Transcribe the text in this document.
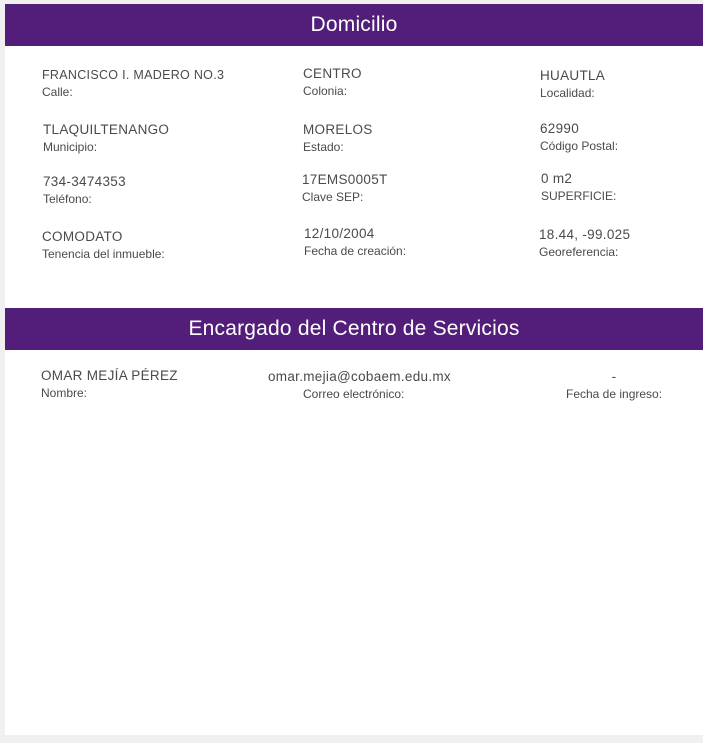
Domicilio
FRANCISCO I. MADERO NO.3
Calle:
CENTRO
Colonia:
HUAUTLA
Localidad:
TLAQUILTENANGO
Municipio:
MORELOS
Estado:
62990
Código Postal:
734-3474353
Teléfono:
17EMS0005T
Clave SEP:
0 m2
SUPERFICIE:
COMODATO
Tenencia del inmueble:
12/10/2004
Fecha de creación:
18.44, -99.025
Georeferencia:
Encargado del Centro de Servicios
OMAR MEJÍA PÉREZ
Nombre:
omar.mejia@cobaem.edu.mx
Correo electrónico:
-
Fecha de ingreso:
